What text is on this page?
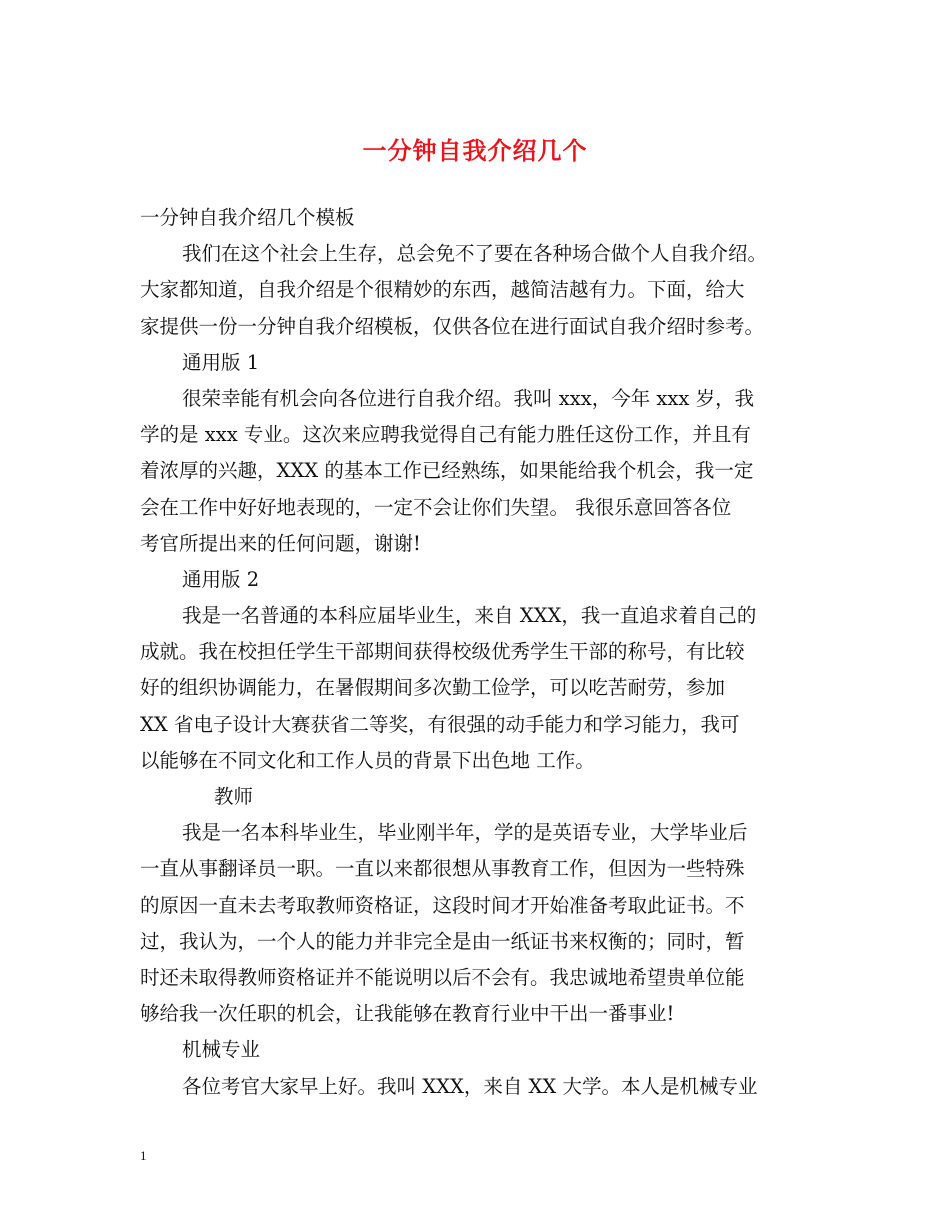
一分钟自我介绍几个
一分钟自我介绍几个模板
我们在这个社会上生存，总会免不了要在各种场合做个人自我介绍。
大家都知道，自我介绍是个很精妙的东西，越简洁越有力。下面，给大
家提供一份一分钟自我介绍模板，仅供各位在进行面试自我介绍时参考。
通用版 1
很荣幸能有机会向各位进行自我介绍。我叫 xxx，今年 xxx 岁，我
学的是 xxx 专业。这次来应聘我觉得自己有能力胜任这份工作，并且有
着浓厚的兴趣，XXX 的基本工作已经熟练，如果能给我个机会，我一定
会在工作中好好地表现的，一定不会让你们失望。 我很乐意回答各位
考官所提出来的任何问题，谢谢!
通用版 2
我是一名普通的本科应届毕业生，来自 XXX，我一直追求着自己的
成就。我在校担任学生干部期间获得校级优秀学生干部的称号，有比较
好的组织协调能力，在暑假期间多次勤工俭学，可以吃苦耐劳，参加
XX 省电子设计大赛获省二等奖，有很强的动手能力和学习能力，我可
以能够在不同文化和工作人员的背景下出色地 工作。
教师
我是一名本科毕业生，毕业刚半年，学的是英语专业，大学毕业后
一直从事翻译员一职。一直以来都很想从事教育工作，但因为一些特殊
的原因一直未去考取教师资格证，这段时间才开始准备考取此证书。不
过，我认为，一个人的能力并非完全是由一纸证书来权衡的；同时，暂
时还未取得教师资格证并不能说明以后不会有。我忠诚地希望贵单位能
够给我一次任职的机会，让我能够在教育行业中干出一番事业!
机械专业
各位考官大家早上好。我叫 XXX，来自 XX 大学。本人是机械专业
1
